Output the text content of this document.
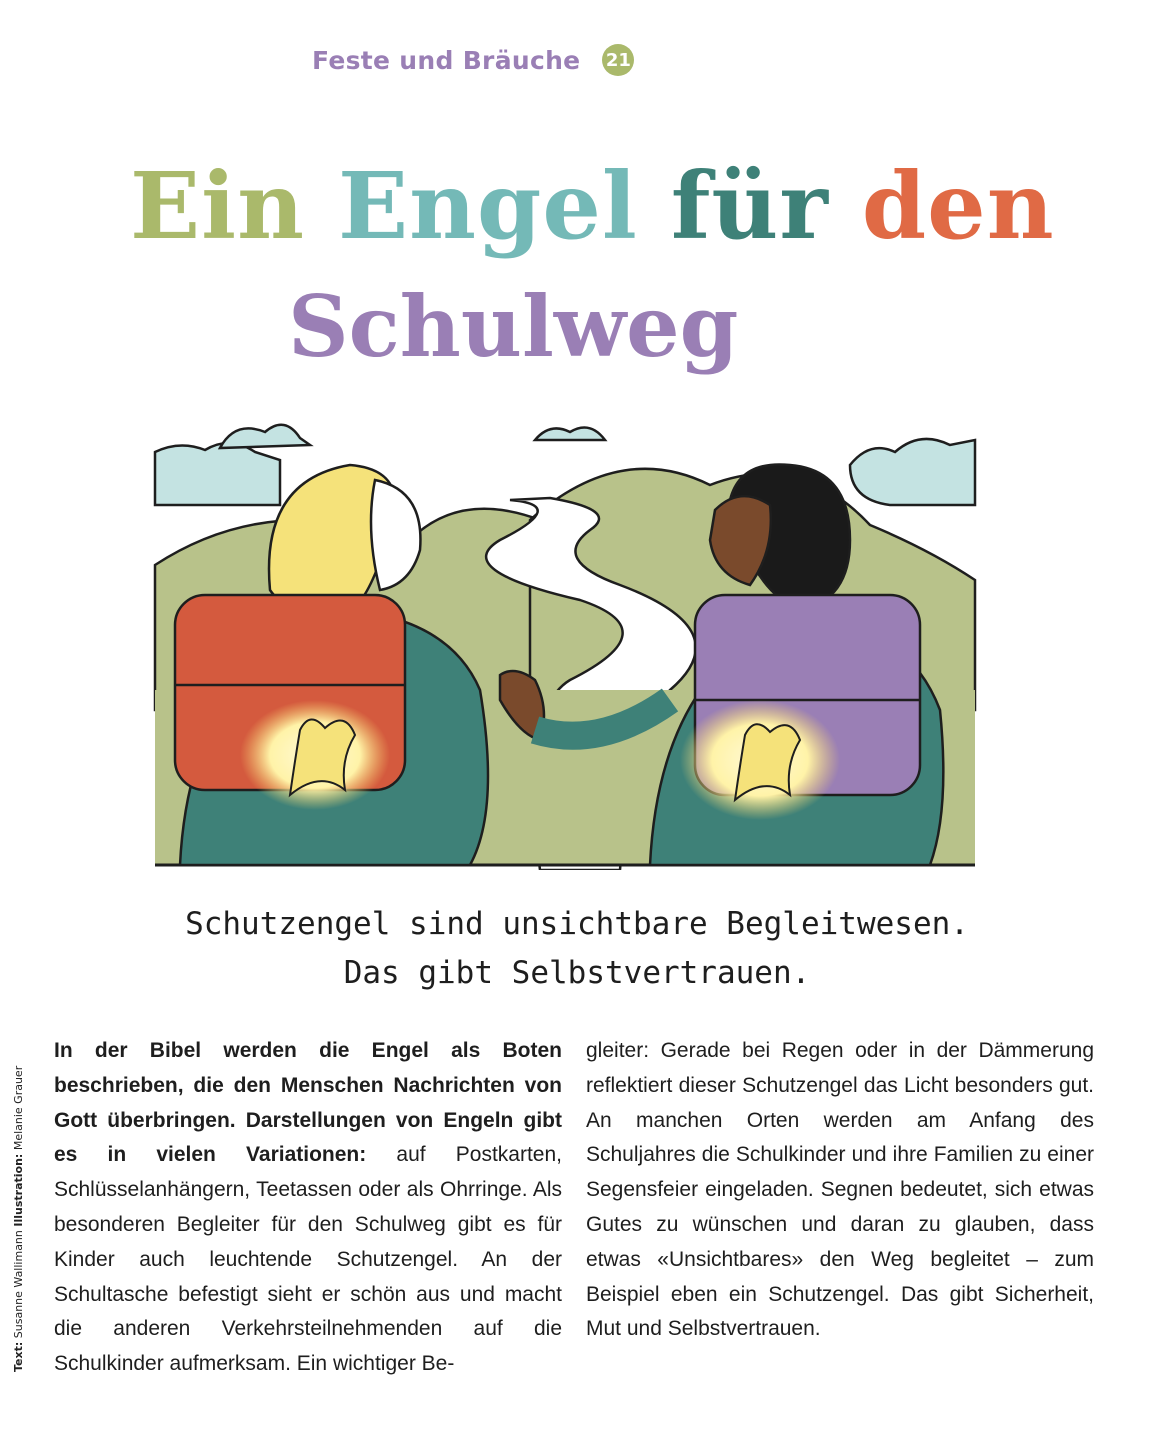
Feste und Bräuche 21
Ein Engel für den
Schulweg
Schutzengel sind unsichtbare Begleitwesen.
Das gibt Selbstvertrauen.
Text: Susanne Wallimann Illustration: Melanie Grauer
In der Bibel werden die Engel als Boten beschrieben, die den Menschen Nachrichten von Gott überbringen. Darstellungen von Engeln gibt es in vielen Variationen: auf Postkarten, Schlüsselanhängern, Teetassen oder als Ohrringe. Als besonderen Begleiter für den Schulweg gibt es für Kinder auch leuchtende Schutzengel. An der Schultasche befestigt sieht er schön aus und macht die anderen Verkehrsteilnehmenden auf die Schulkinder aufmerksam. Ein wichtiger Be-
gleiter: Gerade bei Regen oder in der Dämmerung reflektiert dieser Schutzengel das Licht besonders gut. An manchen Orten werden am Anfang des Schuljahres die Schulkinder und ihre Familien zu einer Segensfeier eingeladen. Segnen bedeutet, sich etwas Gutes zu wünschen und daran zu glauben, dass etwas «Unsichtbares» den Weg begleitet – zum Beispiel eben ein Schutzengel. Das gibt Sicherheit, Mut und Selbstvertrauen.
